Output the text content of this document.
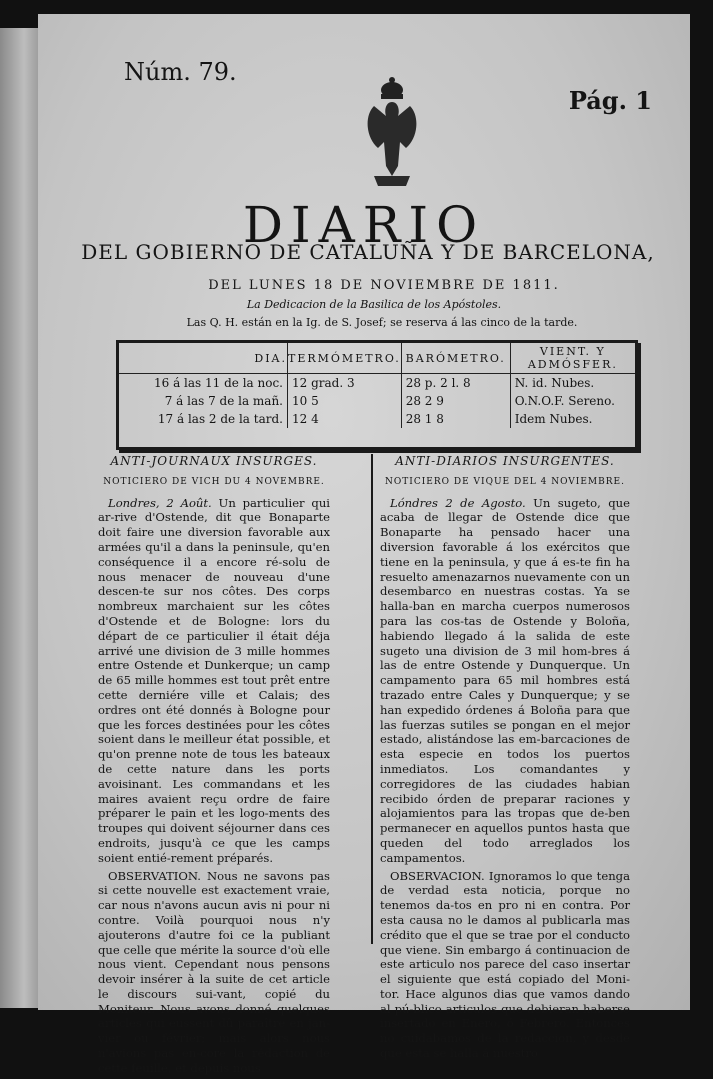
Núm. 79.
Pág. 1
DIARIO
DEL GOBIERNO DE CATALUÑA Y DE BARCELONA,
DEL LUNES 18 DE NOVIEMBRE DE 1811.
La Dedicacion de la Basilica de los Apóstoles.
Las Q. H. están en la Ig. de S. Josef; se reserva á las cinco de la tarde.
DIA.	TERMÓMETRO.	BARÓMETRO.	VIENT. Y ADMÓSFER.
16 á las 11 de la noc.	12 grad. 3	28 p. 2 l. 8	N. id. Nubes.
7 á las 7 de la mañ.	10 5	28 2 9	O.N.O.F. Sereno.
17 á las 2 de la tard.	12 4	28 1 8	Idem Nubes.
ANTI-JOURNAUX INSURGES.
NOTICIERO DE VICH DU 4 NOVEMBRE.

Londres, 2 Août. Un particulier qui ar-rive d'Ostende, dit que Bonaparte doit faire une diversion favorable aux armées qu'il a dans la peninsule, qu'en conséquence il a encore ré-solu de nous menacer de nouveau d'une descen-te sur nos côtes. Des corps nombreux marchaient sur les côtes d'Ostende et de Bologne: lors du départ de ce particulier il était déja arrivé une division de 3 mille hommes entre Ostende et Dunkerque; un camp de 65 mille hommes est tout prêt entre cette derniére ville et Calais; des ordres ont été donnés à Bologne pour que les forces destinées pour les côtes soient dans le meilleur état possible, et qu'on prenne note de tous les bateaux de cette nature dans les ports avoisinant. Les commandans et les maires avaient reçu ordre de faire préparer le pain et les logo-ments des troupes qui doivent séjourner dans ces endroits, jusqu'à ce que les camps soient entié-rement préparés.

OBSERVATION. Nous ne savons pas si cette nouvelle est exactement vraie, car nous n'avons aucun avis ni pour ni contre. Voilà pourquoi nous n'y ajouterons d'autre foi ce la publiant que celle que mérite la source d'où elle nous vient. Cependant nous pensons devoir insérer à la suite de cet article le discours sui-vant, copié du Moniteur. Nous avons donné quelques articles qui eussent dû paraître en jan-vier ou février; mais alors nous n'avions pas en-core la rédaction de cette feuille, et depuis nous

ANTI-DIARIOS INSURGENTES.
NOTICIERO DE VIQUE DEL 4 NOVIEMBRE.

Lóndres 2 de Agosto. Un sugeto, que acaba de llegar de Ostende dice que Bonaparte ha pensado hacer una diversion favorable á los exércitos que tiene en la peninsula, y que á es-te fin ha resuelto amenazarnos nuevamente con un desembarco en nuestras costas. Ya se halla-ban en marcha cuerpos numerosos para las cos-tas de Ostende y Boloña, habiendo llegado á la salida de este sugeto una division de 3 mil hom-bres á las de entre Ostende y Dunquerque. Un campamento para 65 mil hombres está trazado entre Cales y Dunquerque; y se han expedido órdenes á Boloña para que las fuerzas sutiles se pongan en el mejor estado, alistándose las em-barcaciones de esta especie en todos los puertos inmediatos. Los comandantes y corregidores de las ciudades habian recibido órden de preparar raciones y alojamientos para las tropas que de-ben permanecer en aquellos puntos hasta que queden del todo arreglados los campamentos.

OBSERVACION. Ignoramos lo que tenga de verdad esta noticia, porque no tenemos da-tos en pro ni en contra. Por esta causa no le damos al publicarla mas crédito que el que se trae por el conducto que viene. Sin embargo á continuacion de este articulo nos parece del caso insertar el siguiente que está copiado del Moni-tor. Hace algunos dias que vamos dando al pú-blico articulos que debieran haberse insertado en Enero, ó Febrero. Entonces no cuidabamos de la redaccion, y desde que esta se halla á nuestro
